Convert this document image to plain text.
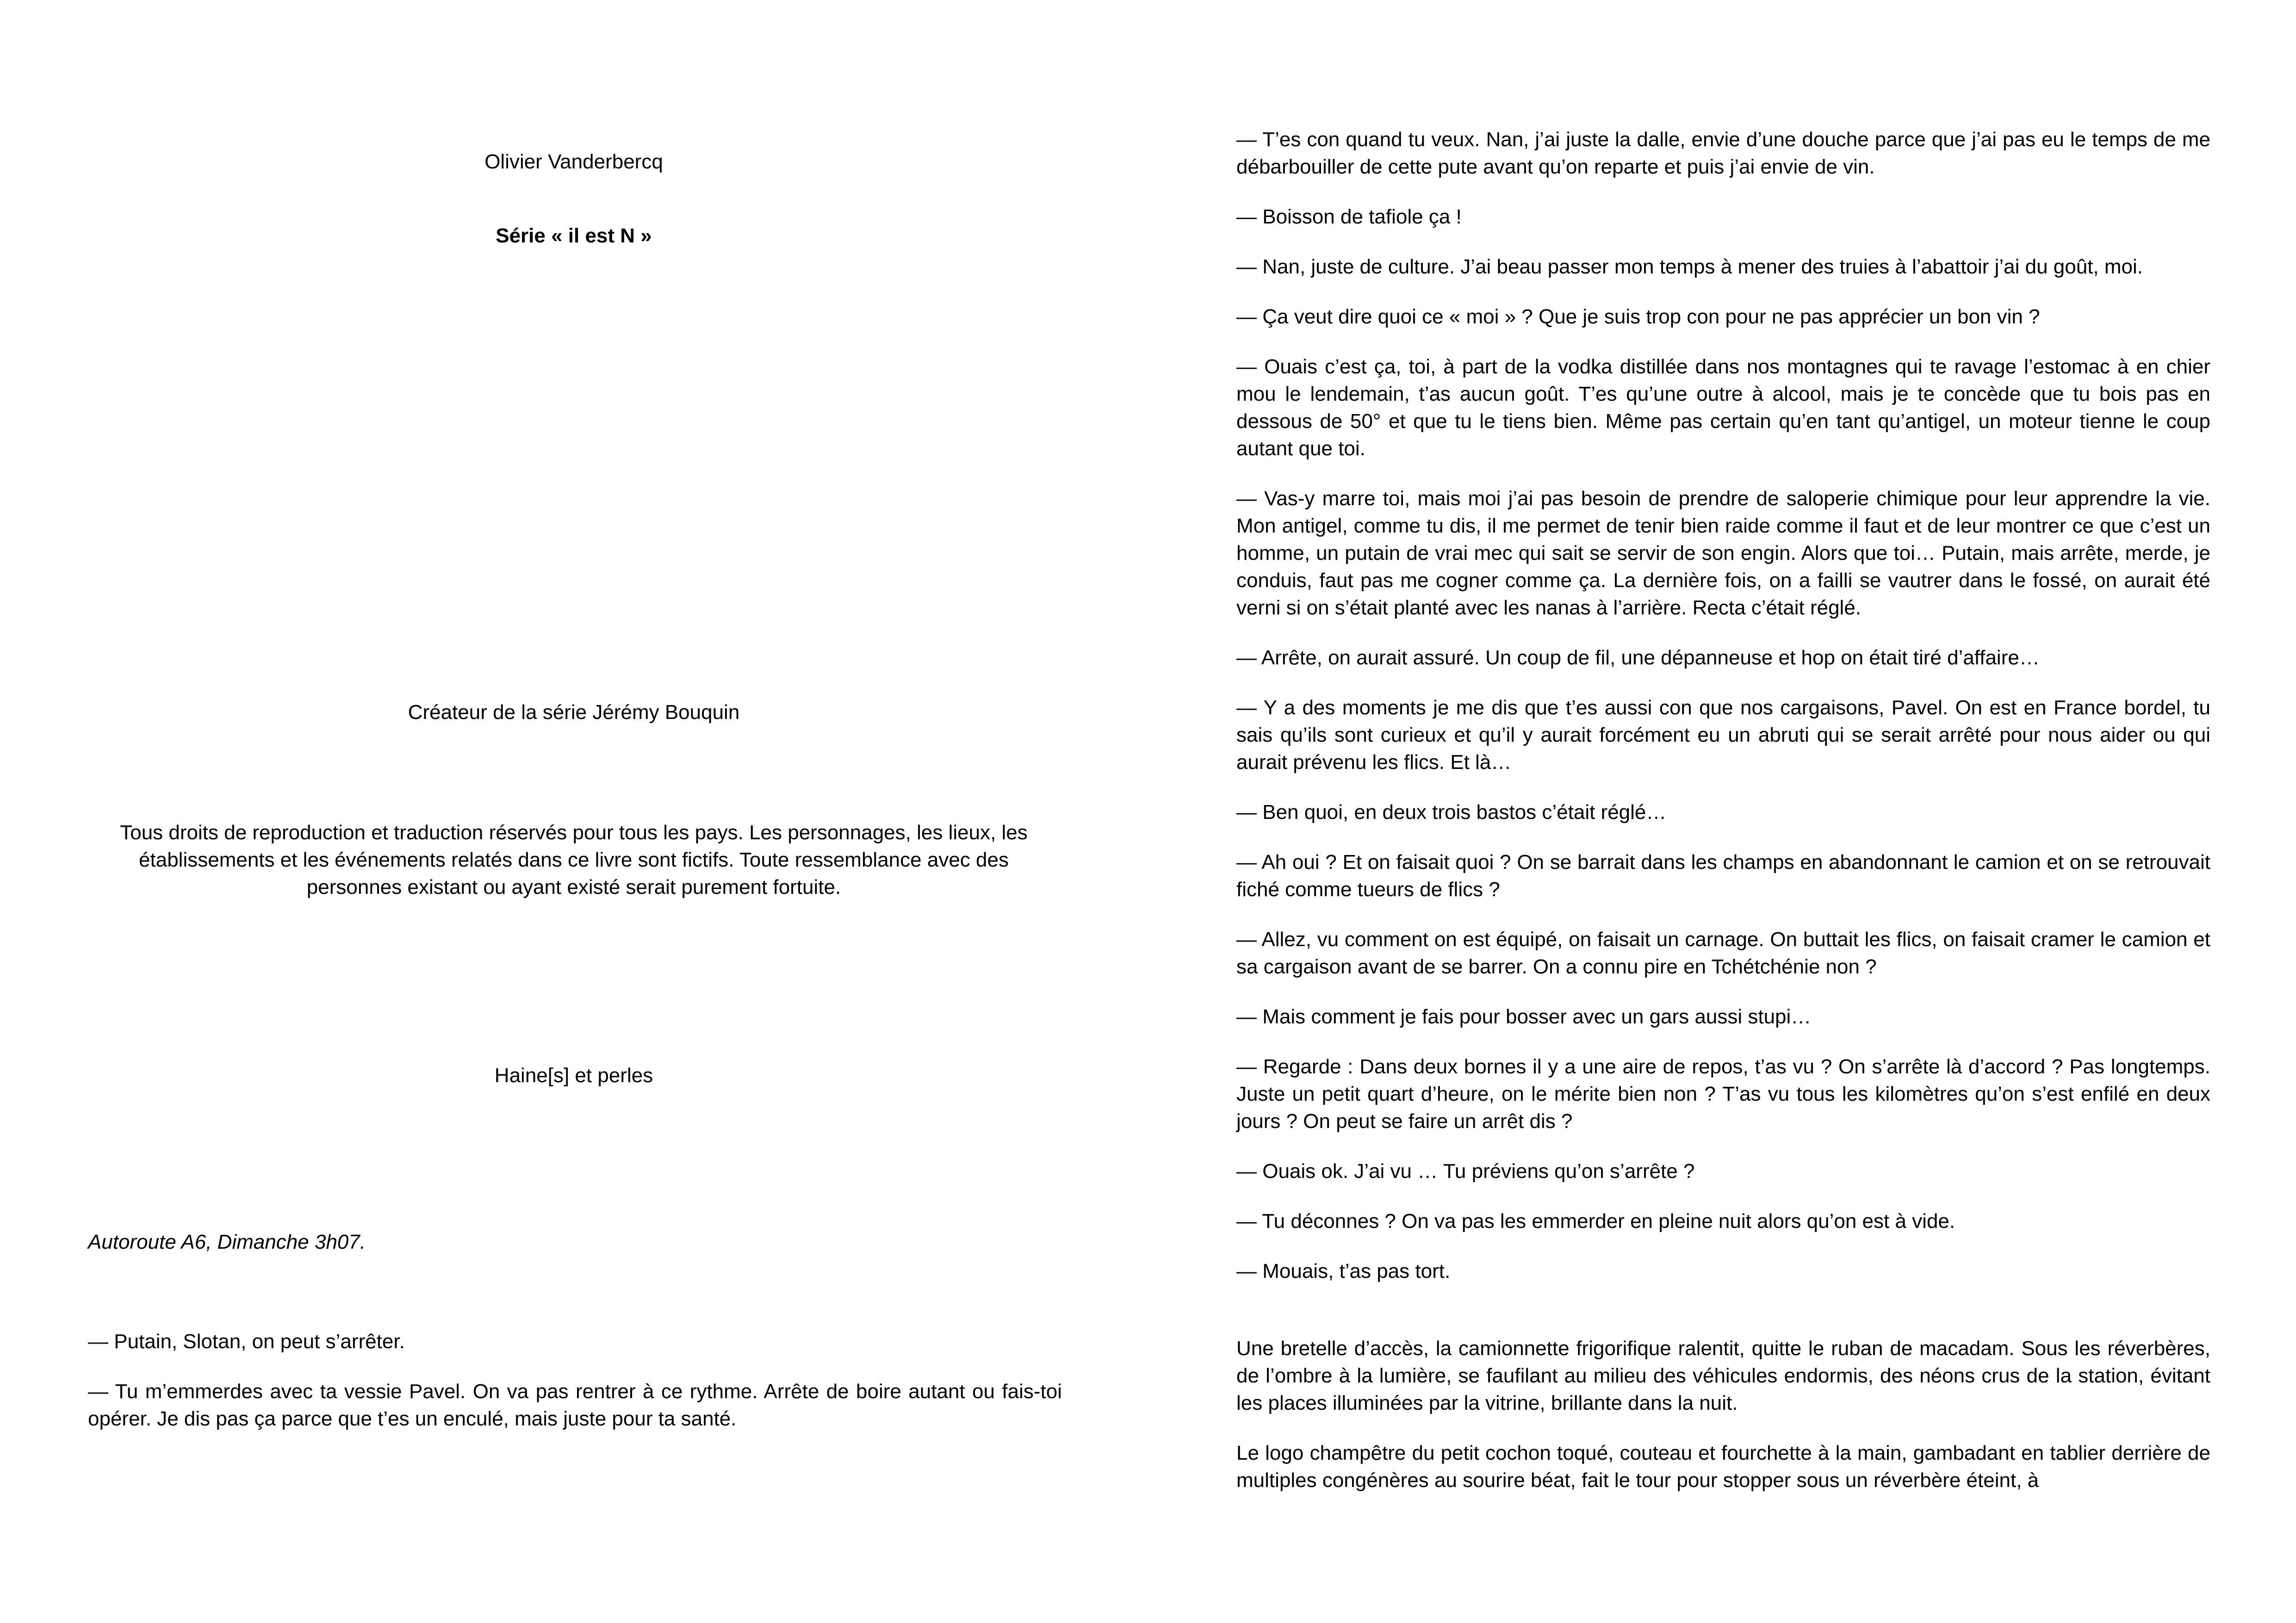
Olivier Vanderbercq
Série « il est N »
Créateur de la série Jérémy Bouquin
Tous droits de reproduction et traduction réservés pour tous les pays. Les personnages, les lieux, les
établissements et les événements relatés dans ce livre sont fictifs. Toute ressemblance avec des
personnes existant ou ayant existé serait purement fortuite.
Haine[s] et perles
Autoroute A6, Dimanche 3h07.

— Putain, Slotan, on peut s’arrêter.

— Tu m’emmerdes avec ta vessie Pavel. On va pas rentrer à ce rythme. Arrête de boire autant ou fais-toi opérer. Je dis pas ça parce que t’es un enculé, mais juste pour ta santé.

— T’es con quand tu veux. Nan, j’ai juste la dalle, envie d’une douche parce que j’ai pas eu le temps de me débarbouiller de cette pute avant qu’on reparte et puis j’ai envie de vin.

— Boisson de tafiole ça !

— Nan, juste de culture. J’ai beau passer mon temps à mener des truies à l’abattoir j’ai du goût, moi.

— Ça veut dire quoi ce « moi » ? Que je suis trop con pour ne pas apprécier un bon vin ?

— Ouais c’est ça, toi, à part de la vodka distillée dans nos montagnes qui te ravage l’estomac à en chier mou le lendemain, t’as aucun goût. T’es qu’une outre à alcool, mais je te concède que tu bois pas en dessous de 50° et que tu le tiens bien. Même pas certain qu’en tant qu’antigel, un moteur tienne le coup autant que toi.

— Vas-y marre toi, mais moi j’ai pas besoin de prendre de saloperie chimique pour leur apprendre la vie. Mon antigel, comme tu dis, il me permet de tenir bien raide comme il faut et de leur montrer ce que c’est un homme, un putain de vrai mec qui sait se servir de son engin. Alors que toi… Putain, mais arrête, merde, je conduis, faut pas me cogner comme ça. La dernière fois, on a failli se vautrer dans le fossé, on aurait été verni si on s’était planté avec les nanas à l’arrière. Recta c’était réglé.

— Arrête, on aurait assuré. Un coup de fil, une dépanneuse et hop on était tiré d’affaire…

— Y a des moments je me dis que t’es aussi con que nos cargaisons, Pavel. On est en France bordel, tu sais qu’ils sont curieux et qu’il y aurait forcément eu un abruti qui se serait arrêté pour nous aider ou qui aurait prévenu les flics. Et là…

— Ben quoi, en deux trois bastos c’était réglé…

— Ah oui ? Et on faisait quoi ? On se barrait dans les champs en abandonnant le camion et on se retrouvait fiché comme tueurs de flics ?

— Allez, vu comment on est équipé, on faisait un carnage. On buttait les flics, on faisait cramer le camion et sa cargaison avant de se barrer. On a connu pire en Tchétchénie non ?

— Mais comment je fais pour bosser avec un gars aussi stupi…

— Regarde : Dans deux bornes il y a une aire de repos, t’as vu ? On s’arrête là d’accord ? Pas longtemps. Juste un petit quart d’heure, on le mérite bien non ? T’as vu tous les kilomètres qu’on s’est enfilé en deux jours ? On peut se faire un arrêt dis ?

— Ouais ok. J’ai vu … Tu préviens qu’on s’arrête ?

— Tu déconnes ? On va pas les emmerder en pleine nuit alors qu’on est à vide.

— Mouais, t’as pas tort.

Une bretelle d’accès, la camionnette frigorifique ralentit, quitte le ruban de macadam. Sous les réverbères, de l’ombre à la lumière, se faufilant au milieu des véhicules endormis, des néons crus de la station, évitant les places illuminées par la vitrine, brillante dans la nuit.

Le logo champêtre du petit cochon toqué, couteau et fourchette à la main, gambadant en tablier derrière de multiples congénères au sourire béat, fait le tour pour stopper sous un réverbère éteint, à
